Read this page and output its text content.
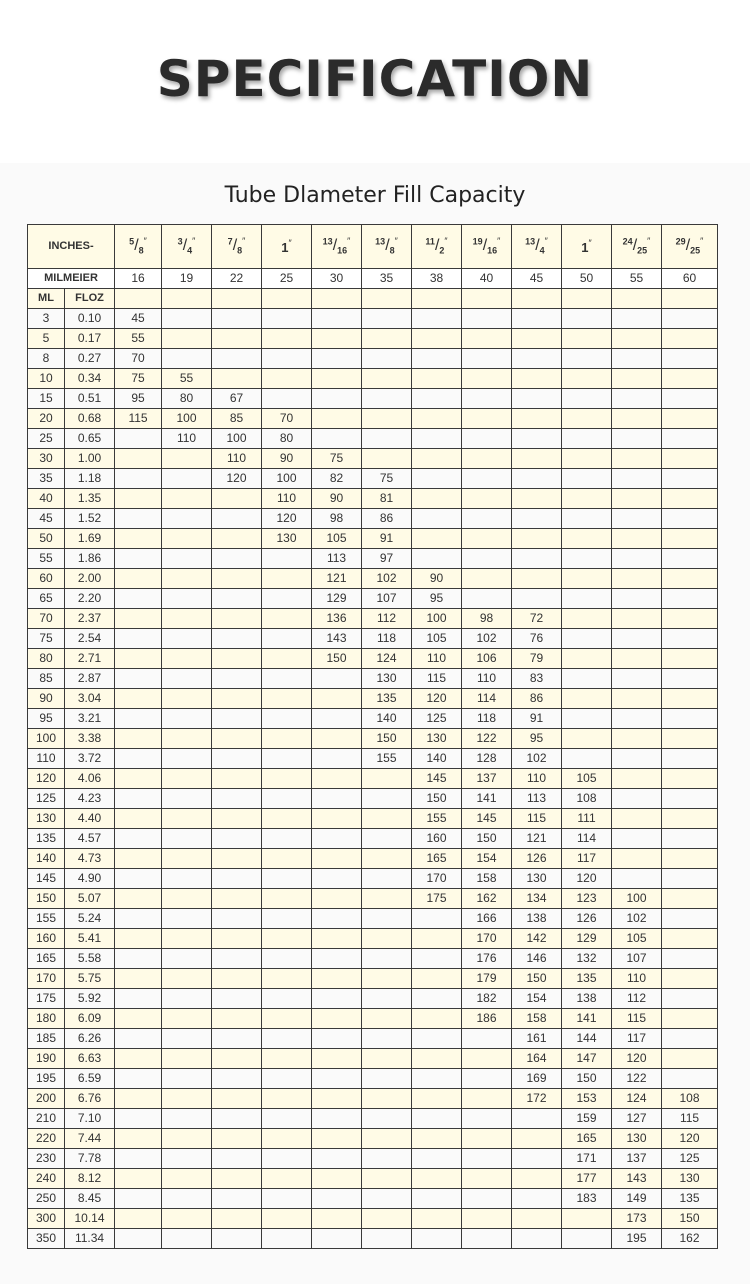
SPECIFICATION
Tube Dlameter Fill Capacity
INCHES-		$^5/_8''$	$^3/_4''$	$^7/_8''$	1″	$^{13}/_{16}''$	$^{13}/_8''$	$^{11}/_2''$	$^{19}/_{16}''$	$^{13}/_4''$	1″	$^{24}/_{25}''$	$^{29}/_{25}''$
MILMEIER		16	19	22	25	30	35	38	40	45	50	55	60
ML	FLOZ												
3	0.10	45											
5	0.17	55											
8	0.27	70											
10	0.34	75	55										
15	0.51	95	80	67									
20	0.68	115	100	85	70								
25	0.65		110	100	80								
30	1.00			110	90	75							
35	1.18			120	100	82	75						
40	1.35				110	90	81						
45	1.52				120	98	86						
50	1.69				130	105	91						
55	1.86					113	97						
60	2.00					121	102	90					
65	2.20					129	107	95					
70	2.37					136	112	100	98	72			
75	2.54					143	118	105	102	76			
80	2.71					150	124	110	106	79			
85	2.87						130	115	110	83			
90	3.04						135	120	114	86			
95	3.21						140	125	118	91			
100	3.38						150	130	122	95			
110	3.72						155	140	128	102			
120	4.06							145	137	110	105		
125	4.23							150	141	113	108		
130	4.40							155	145	115	111		
135	4.57							160	150	121	114		
140	4.73							165	154	126	117		
145	4.90							170	158	130	120		
150	5.07							175	162	134	123	100	
155	5.24								166	138	126	102	
160	5.41								170	142	129	105	
165	5.58								176	146	132	107	
170	5.75								179	150	135	110	
175	5.92								182	154	138	112	
180	6.09								186	158	141	115	
185	6.26									161	144	117	
190	6.63									164	147	120	
195	6.59									169	150	122	
200	6.76									172	153	124	108
210	7.10										159	127	115
220	7.44										165	130	120
230	7.78										171	137	125
240	8.12										177	143	130
250	8.45										183	149	135
300	10.14											173	150
350	11.34											195	162
